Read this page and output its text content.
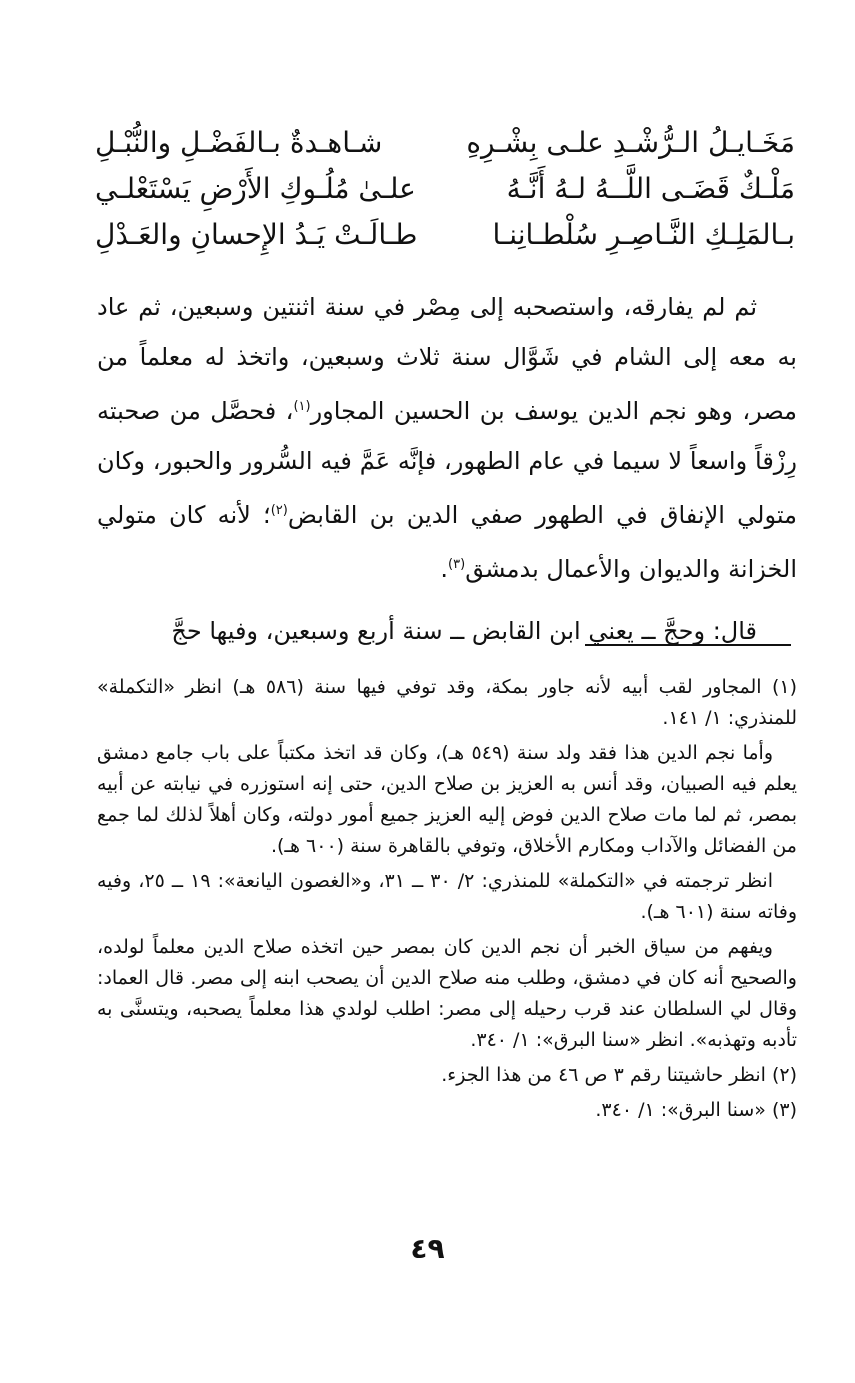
مَخَـايـلُ الـرُّشْـدِ علـى بِشْـرِهِ
شـاهـدةٌ بـالفَضْـلِ والنُّبْـلِ
مَلْـكٌ قَضَـى اللَّــهُ لـهُ أَنَّـهُ
علـىٰ مُلُـوكِ الأَرْضِ يَسْتَعْلـي
بـالمَلِـكِ النَّـاصِـرِ سُلْطـانِنـا
طـالَـتْ يَـدُ الإِحسانِ والعَـدْلِ

ثم لم يفارقه، واستصحبه إلى مِصْر في سنة اثنتين وسبعين، ثم عاد به معه إلى الشام في شَوَّال سنة ثلاث وسبعين، واتخذ له معلماً من مصر، وهو نجم الدين يوسف بن الحسين المجاور$^{(١)}$، فحصَّل من صحبته رِزْقاً واسعاً لا سيما في عام الطهور، فإنَّه عَمَّ فيه السُّرور والحبور، وكان متولي الإنفاق في الطهور صفي الدين بن القابض$^{(٢)}$؛ لأنه كان متولي الخزانة والديوان والأعمال بدمشق$^{(٣)}$.

قال: وحجَّ ــ يعني ابن القابض ــ سنة أربع وسبعين، وفيها حجَّ

(١) المجاور لقب أبيه لأنه جاور بمكة، وقد توفي فيها سنة (٥٨٦ هـ) انظر «التكملة» للمنذري: ١/ ١٤١.

وأما نجم الدين هذا فقد ولد سنة (٥٤٩ هـ)، وكان قد اتخذ مكتباً على باب جامع دمشق يعلم فيه الصبيان، وقد أنس به العزيز بن صلاح الدين، حتى إنه استوزره في نيابته عن أبيه بمصر، ثم لما مات صلاح الدين فوض إليه العزيز جميع أمور دولته، وكان أهلاً لذلك لما جمع من الفضائل والآداب ومكارم الأخلاق، وتوفي بالقاهرة سنة (٦٠٠ هـ).

انظر ترجمته في «التكملة» للمنذري: ٢/ ٣٠ ــ ٣١، و«الغصون اليانعة»: ١٩ ــ ٢٥، وفيه وفاته سنة (٦٠١ هـ).

ويفهم من سياق الخبر أن نجم الدين كان بمصر حين اتخذه صلاح الدين معلماً لولده، والصحيح أنه كان في دمشق، وطلب منه صلاح الدين أن يصحب ابنه إلى مصر. قال العماد: وقال لي السلطان عند قرب رحيله إلى مصر: اطلب لولدي هذا معلماً يصحبه، ويتسنَّى به تأدبه وتهذبه». انظر «سنا البرق»: ١/ ٣٤٠.

(٢) انظر حاشيتنا رقم ٣ ص ٤٦ من هذا الجزء.

(٣) «سنا البرق»: ١/ ٣٤٠.

٤٩
